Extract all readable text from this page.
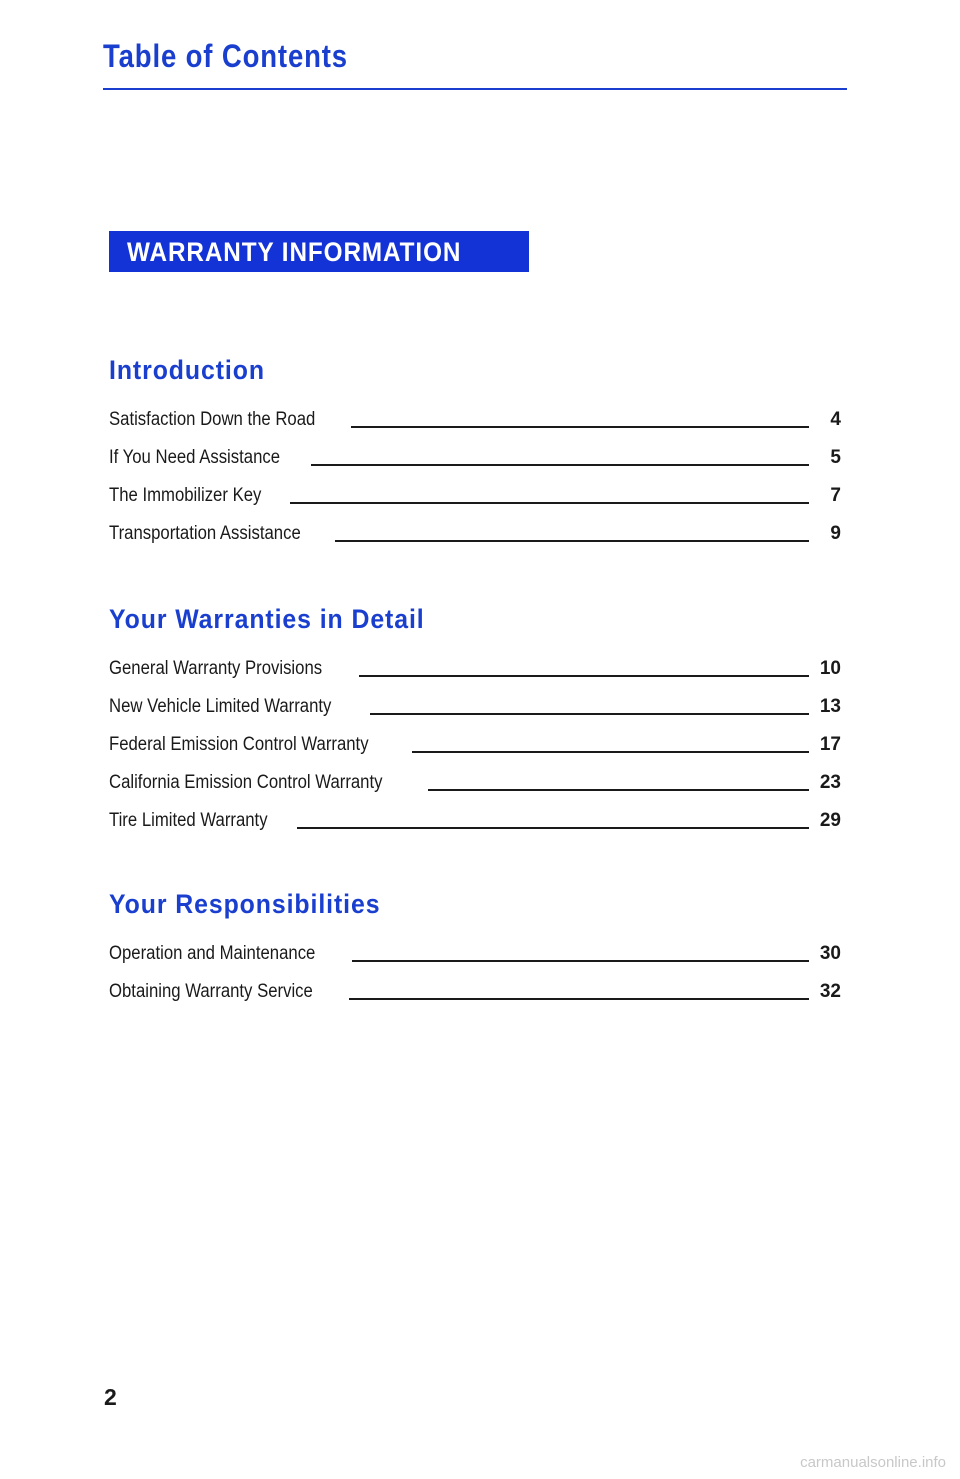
Table of Contents
WARRANTY INFORMATION
Introduction
Satisfaction Down the Road	4
If You Need Assistance	5
The Immobilizer Key	7
Transportation Assistance	9
Your Warranties in Detail
General Warranty Provisions	10
New Vehicle Limited Warranty	13
Federal Emission Control Warranty	17
California Emission Control Warranty	23
Tire Limited Warranty	29
Your Responsibilities
Operation and Maintenance	30
Obtaining Warranty Service	32
2
carmanualsonline.info
